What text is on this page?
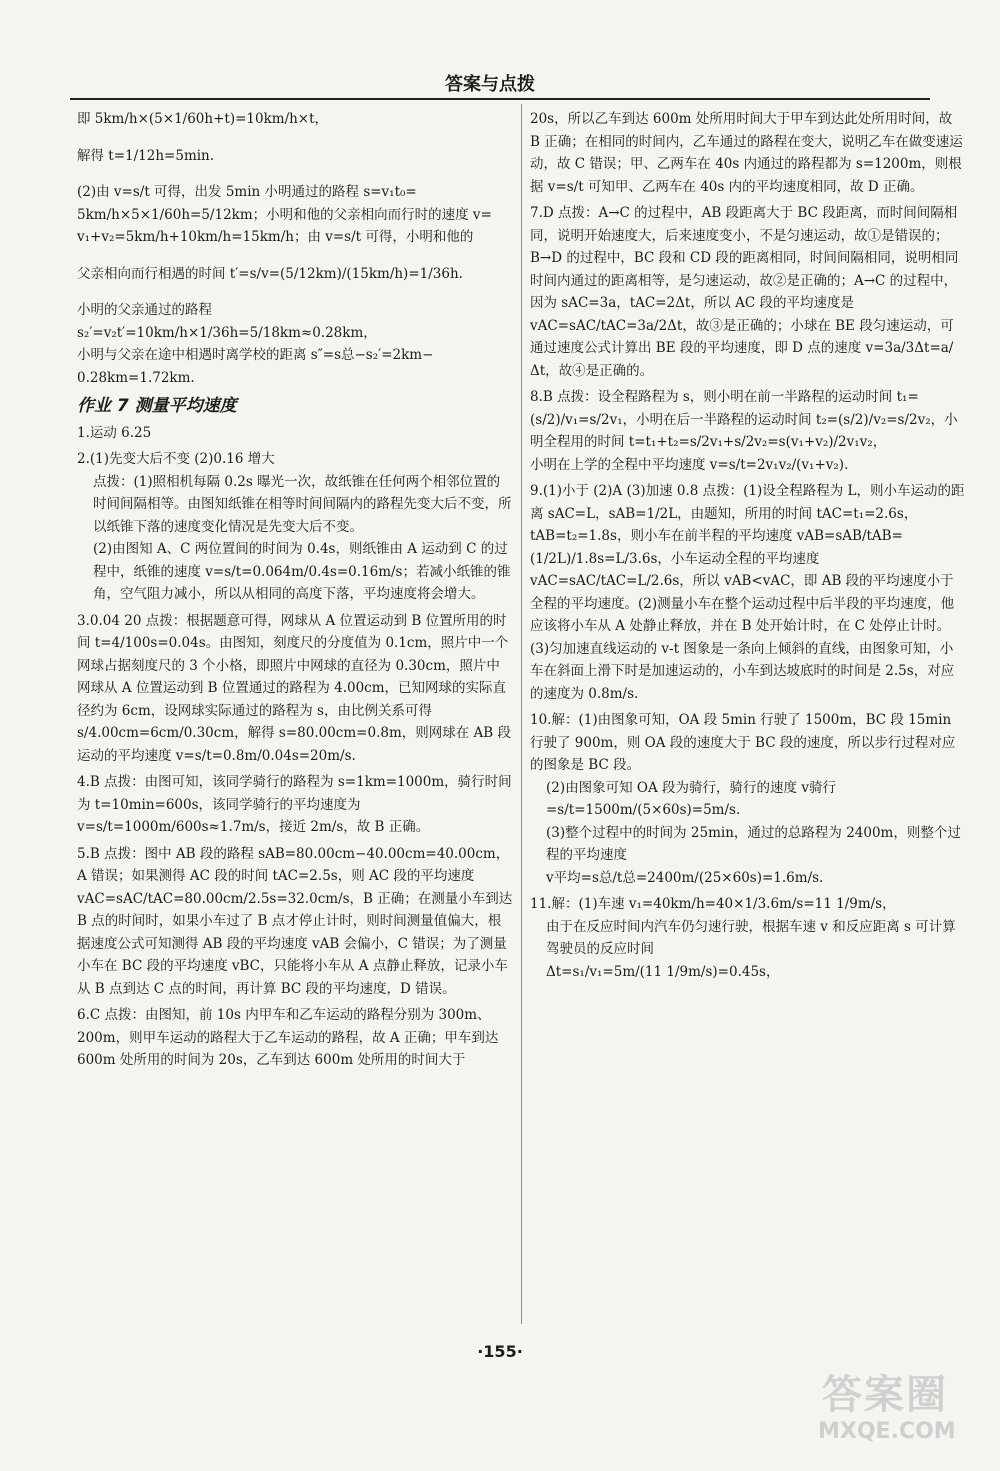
答案与点拨

即 5km/h×(5×1/60h+t)=10km/h×t，

解得 t=1/12h=5min.

(2)由 v=s/t 可得，出发 5min 小明通过的路程 s=v₁t₀=

5km/h×5×1/60h=5/12km；小明和他的父亲相向而行时的速度 v=

v₁+v₂=5km/h+10km/h=15km/h；由 v=s/t 可得，小明和他的

父亲相向而行相遇的时间 t′=s/v=(5/12km)/(15km/h)=1/36h.

小明的父亲通过的路程 s₂′=v₂t′=10km/h×1/36h=5/18km≈0.28km，

小明与父亲在途中相遇时离学校的距离 s″=s总−s₂′=2km−

0.28km=1.72km.

作业 7 测量平均速度

1.运动 6.25

2.(1)先变大后不变 (2)0.16 增大

点拨：(1)照相机每隔 0.2s 曝光一次，故纸锥在任何两个相邻位置的时间间隔相等。由图知纸锥在相等时间间隔内的路程先变大后不变，所以纸锥下落的速度变化情况是先变大后不变。

(2)由图知 A、C 两位置间的时间为 0.4s，则纸锥由 A 运动到 C 的过程中，纸锥的速度 v=s/t=0.064m/0.4s=0.16m/s；若减小纸锥的锥角，空气阻力减小，所以从相同的高度下落，平均速度将会增大。

3.0.04 20 点拨：根据题意可得，网球从 A 位置运动到 B 位置所用的时间 t=4/100s=0.04s。由图知，刻度尺的分度值为 0.1cm，照片中一个网球占据刻度尺的 3 个小格，即照片中网球的直径为 0.30cm，照片中网球从 A 位置运动到 B 位置通过的路程为 4.00cm，已知网球的实际直径约为 6cm，设网球实际通过的路程为 s，由比例关系可得 s/4.00cm=6cm/0.30cm，解得 s=80.00cm=0.8m，则网球在 AB 段运动的平均速度 v=s/t=0.8m/0.04s=20m/s.

4.B 点拨：由图可知，该同学骑行的路程为 s=1km=1000m，骑行时间为 t=10min=600s，该同学骑行的平均速度为 v=s/t=1000m/600s≈1.7m/s，接近 2m/s，故 B 正确。

5.B 点拨：图中 AB 段的路程 sAB=80.00cm−40.00cm=40.00cm，A 错误；如果测得 AC 段的时间 tAC=2.5s，则 AC 段的平均速度 vAC=sAC/tAC=80.00cm/2.5s=32.0cm/s，B 正确；在测量小车到达 B 点的时间时，如果小车过了 B 点才停止计时，则时间测量值偏大，根据速度公式可知测得 AB 段的平均速度 vAB 会偏小，C 错误；为了测量小车在 BC 段的平均速度 vBC，只能将小车从 A 点静止释放，记录小车从 B 点到达 C 点的时间，再计算 BC 段的平均速度，D 错误。

6.C 点拨：由图知，前 10s 内甲车和乙车运动的路程分别为 300m、200m，则甲车运动的路程大于乙车运动的路程，故 A 正确；甲车到达 600m 处所用的时间为 20s，乙车到达 600m 处所用的时间大于

20s，所以乙车到达 600m 处所用时间大于甲车到达此处所用时间，故 B 正确；在相同的时间内，乙车通过的路程在变大，说明乙车在做变速运动，故 C 错误；甲、乙两车在 40s 内通过的路程都为 s=1200m，则根据 v=s/t 可知甲、乙两车在 40s 内的平均速度相同，故 D 正确。

7.D 点拨：A→C 的过程中，AB 段距离大于 BC 段距离，而时间间隔相同，说明开始速度大，后来速度变小，不是匀速运动，故①是错误的；B→D 的过程中，BC 段和 CD 段的距离相同，时间间隔相同，说明相同时间内通过的距离相等，是匀速运动，故②是正确的；A→C 的过程中，因为 sAC=3a，tAC=2Δt，所以 AC 段的平均速度是 vAC=sAC/tAC=3a/2Δt，故③是正确的；小球在 BE 段匀速运动，可通过速度公式计算出 BE 段的平均速度，即 D 点的速度 v=3a/3Δt=a/Δt，故④是正确的。

8.B 点拨：设全程路程为 s，则小明在前一半路程的运动时间 t₁=(s/2)/v₁=s/2v₁，小明在后一半路程的运动时间 t₂=(s/2)/v₂=s/2v₂，小明全程用的时间 t=t₁+t₂=s/2v₁+s/2v₂=s(v₁+v₂)/2v₁v₂，

小明在上学的全程中平均速度 v=s/t=2v₁v₂/(v₁+v₂).

9.(1)小于 (2)A (3)加速 0.8 点拨：(1)设全程路程为 L，则小车运动的距离 sAC=L，sAB=1/2L，由题知，所用的时间 tAC=t₁=2.6s，tAB=t₂=1.8s，则小车在前半程的平均速度 vAB=sAB/tAB=(1/2L)/1.8s=L/3.6s，小车运动全程的平均速度 vAC=sAC/tAC=L/2.6s，所以 vAB<vAC，即 AB 段的平均速度小于全程的平均速度。(2)测量小车在整个运动过程中后半段的平均速度，他应该将小车从 A 处静止释放，并在 B 处开始计时，在 C 处停止计时。(3)匀加速直线运动的 v-t 图象是一条向上倾斜的直线，由图象可知，小车在斜面上滑下时是加速运动的，小车到达坡底时的时间是 2.5s，对应的速度为 0.8m/s.

10.解：(1)由图象可知，OA 段 5min 行驶了 1500m，BC 段 15min 行驶了 900m，则 OA 段的速度大于 BC 段的速度，所以步行过程对应的图象是 BC 段。

(2)由图象可知 OA 段为骑行，骑行的速度 v骑行=s/t=1500m/(5×60s)=5m/s.

(3)整个过程中的时间为 25min，通过的总路程为 2400m，则整个过程的平均速度

v平均=s总/t总=2400m/(25×60s)=1.6m/s.

11.解：(1)车速 v₁=40km/h=40×1/3.6m/s=11 1/9m/s，

由于在反应时间内汽车仍匀速行驶，根据车速 v 和反应距离 s 可计算驾驶员的反应时间

Δt=s₁/v₁=5m/(11 1/9m/s)=0.45s，

·155·
答案圈
MXQE.COM
